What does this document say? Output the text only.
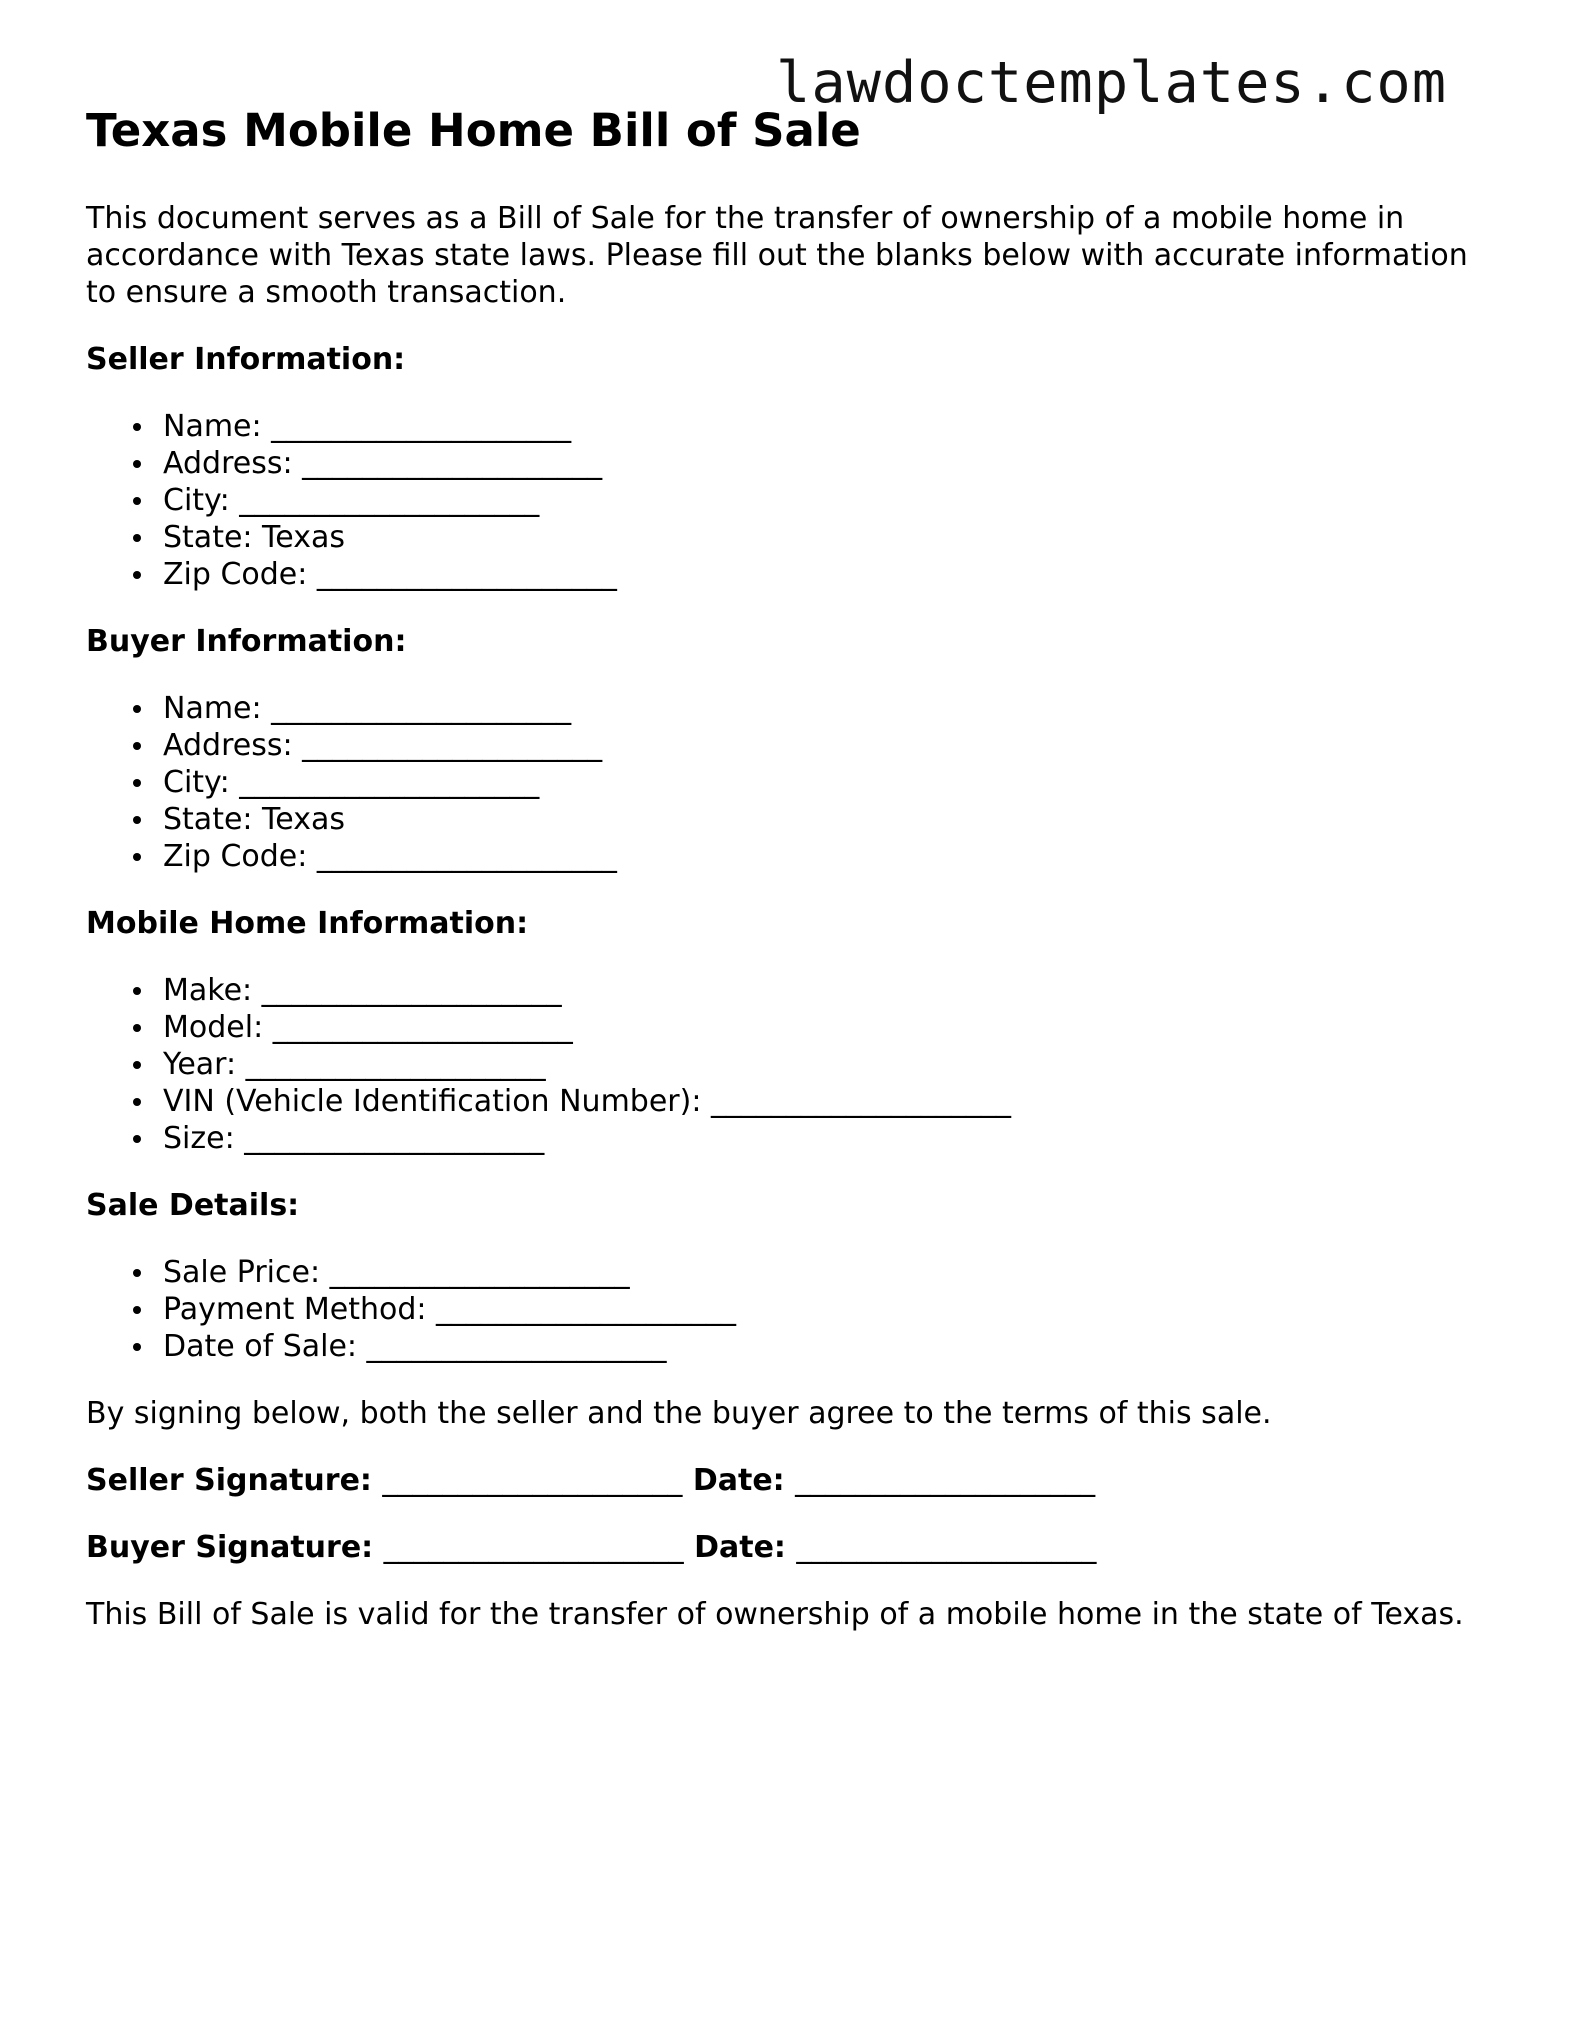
lawdoctemplates.com
Texas Mobile Home Bill of Sale

This document serves as a Bill of Sale for the transfer of ownership of a mobile home in accordance with Texas state laws. Please fill out the blanks below with accurate information to ensure a smooth transaction.

Seller Information:
Name: ____________________
Address: ____________________
City: ____________________
State: Texas
Zip Code: ____________________
Buyer Information:
Name: ____________________
Address: ____________________
City: ____________________
State: Texas
Zip Code: ____________________
Mobile Home Information:
Make: ____________________
Model: ____________________
Year: ____________________
VIN (Vehicle Identification Number): ____________________
Size: ____________________
Sale Details:
Sale Price: ____________________
Payment Method: ____________________
Date of Sale: ____________________

By signing below, both the seller and the buyer agree to the terms of this sale.

Seller Signature: ____________________ Date: ____________________
Buyer Signature: ____________________ Date: ____________________

This Bill of Sale is valid for the transfer of ownership of a mobile home in the state of Texas.
